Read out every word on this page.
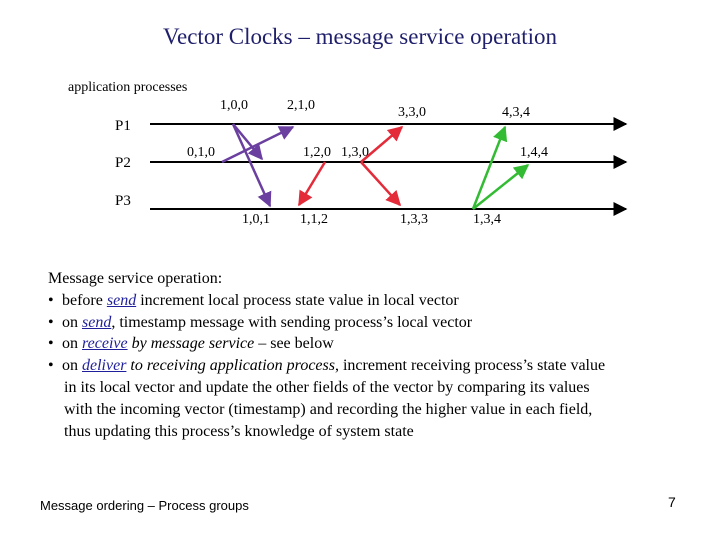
Vector Clocks – message service operation
application processes
P1
P2
P3
1,0,0	2,1,0	3,3,0	4,3,4
0,1,0	1,2,0 1,3,0	1,4,4
1,0,1 1,1,2	1,3,3	1,3,4
Message service operation:
• before send increment local process state value in local vector
• on send, timestamp message with sending process’s local vector
• on receive by message service – see below
• on deliver to receiving application process, increment receiving process’s state value
in its local vector and update the other fields of the vector by comparing its values
with the incoming vector (timestamp) and recording the higher value in each field,
thus updating this process’s knowledge of system state
Message ordering – Process groups	7
